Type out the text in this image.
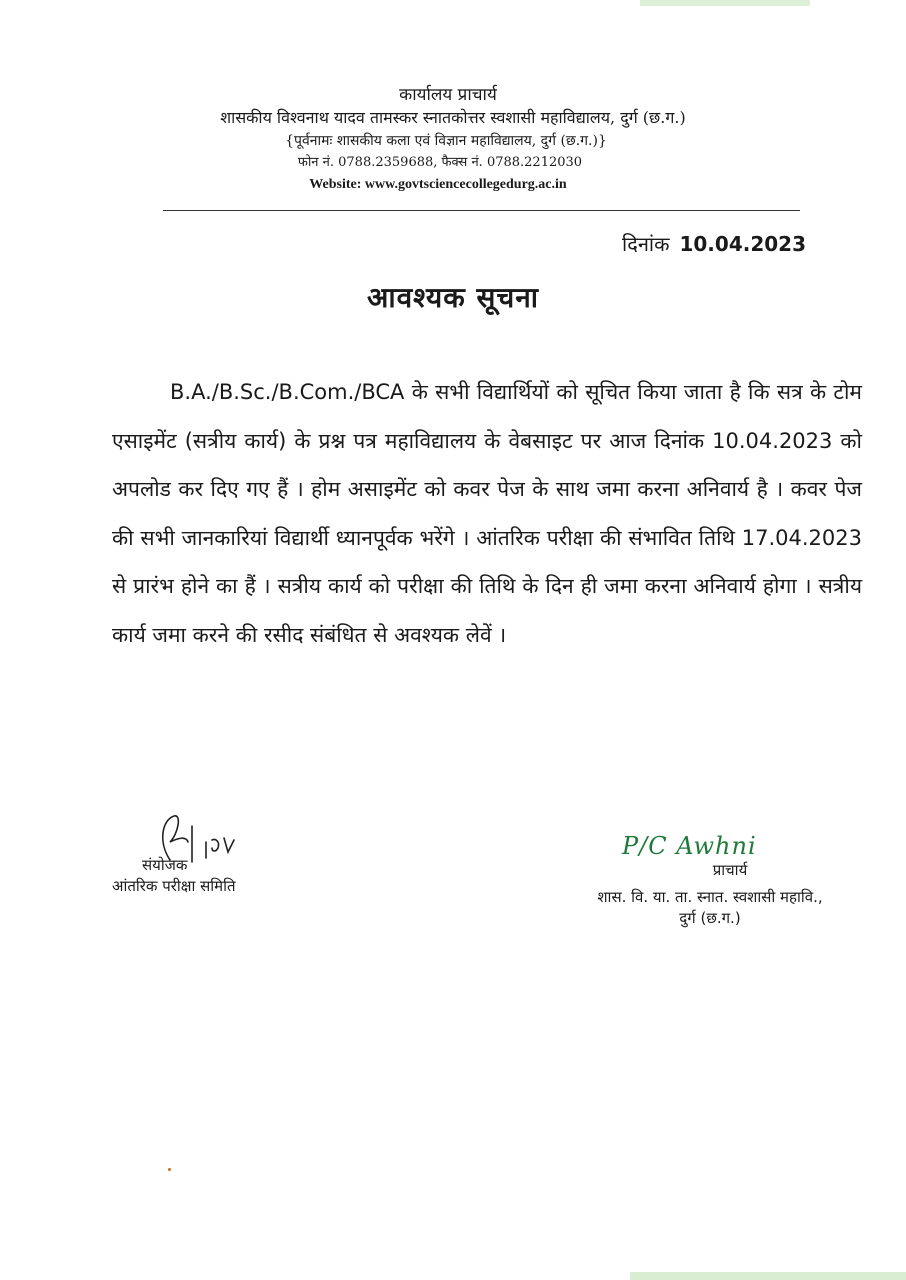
कार्यालय प्राचार्य
शासकीय विश्वनाथ यादव तामस्कर स्नातकोत्तर स्वशासी महाविद्यालय, दुर्ग (छ.ग.)
{पूर्वनामः शासकीय कला एवं विज्ञान महाविद्यालय, दुर्ग (छ.ग.)}
फोन नं. 0788.2359688, फैक्स नं. 0788.2212030
Website: www.govtsciencecollegedurg.ac.in
दिनांक 10.04.2023
आवश्यक सूचना
B.A./B.Sc./B.Com./BCA के सभी विद्यार्थियों को सूचित किया जाता है कि सत्र के टोम एसाइमेंट (सत्रीय कार्य) के प्रश्न पत्र महाविद्यालय के वेबसाइट पर आज दिनांक 10.04.2023 को अपलोड कर दिए गए हैं । होम असाइमेंट को कवर पेज के साथ जमा करना अनिवार्य है । कवर पेज की सभी जानकारियां विद्यार्थी ध्यानपूर्वक भरेंगे । आंतरिक परीक्षा की संभावित तिथि 17.04.2023 से प्रारंभ होने का हैं । सत्रीय कार्य को परीक्षा की तिथि के दिन ही जमा करना अनिवार्य होगा । सत्रीय कार्य जमा करने की रसीद संबंधित से अवश्यक लेवें ।
संयोजक
आंतरिक परीक्षा समिति
P/C Awhni
प्राचार्य
शास. वि. या. ता. स्नात. स्वशासी महावि.,
दुर्ग (छ.ग.)
